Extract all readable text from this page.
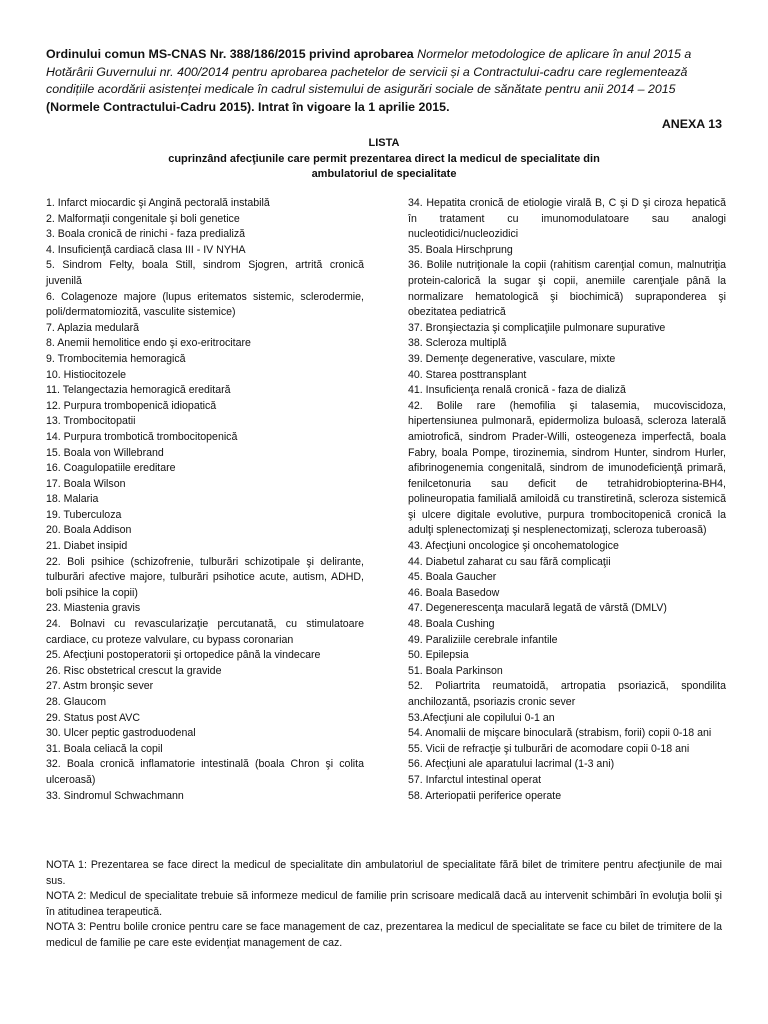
Ordinului comun MS-CNAS Nr. 388/186/2015 privind aprobarea Normelor metodologice de aplicare în anul 2015 a Hotărârii Guvernului nr. 400/2014 pentru aprobarea pachetelor de servicii și a Contractului-cadru care reglementează condițiile acordării asistenței medicale în cadrul sistemului de asigurări sociale de sănătate pentru anii 2014 – 2015 (Normele Contractului-Cadru 2015). Intrat în vigoare la 1 aprilie 2015.

ANEXA 13
LISTA
cuprinzând afecţiunile care permit prezentarea direct la medicul de specialitate din
ambulatoriul de specialitate
1. Infarct miocardic şi Angină pectorală instabilă
2. Malformaţii congenitale şi boli genetice
3. Boala cronică de rinichi - faza predializă
4. Insuficienţă cardiacă clasa III - IV NYHA
5. Sindrom Felty, boala Still, sindrom Sjogren, artrită cronică juvenilă
6. Colagenoze majore (lupus eritematos sistemic, sclerodermie, poli/dermatomiozită, vasculite sistemice)
7. Aplazia medulară
8. Anemii hemolitice endo şi exo-eritrocitare
9. Trombocitemia hemoragică
10. Histiocitozele
11. Telangectazia hemoragică ereditară
12. Purpura trombopenică idiopatică
13. Trombocitopatii
14. Purpura trombotică trombocitopenică
15. Boala von Willebrand
16. Coagulopatiile ereditare
17. Boala Wilson
18. Malaria
19. Tuberculoza
20. Boala Addison
21. Diabet insipid
22. Boli psihice (schizofrenie, tulburări schizotipale şi delirante, tulburări afective majore, tulburări psihotice acute, autism, ADHD, boli psihice la copii)
23. Miastenia gravis
24. Bolnavi cu revascularizaţie percutanată, cu stimulatoare cardiace, cu proteze valvulare, cu bypass coronarian
25. Afecţiuni postoperatorii şi ortopedice până la vindecare
26. Risc obstetrical crescut la gravide
27. Astm bronşic sever
28. Glaucom
29. Status post AVC
30. Ulcer peptic gastroduodenal
31. Boala celiacă la copil
32. Boala cronică inflamatorie intestinală (boala Chron şi colita ulceroasă)
33. Sindromul Schwachmann
34. Hepatita cronică de etiologie virală B, C şi D şi ciroza hepatică în tratament cu imunomodulatoare sau analogi nucleotidici/nucleozidici
35. Boala Hirschprung
36. Bolile nutriţionale la copii (rahitism carenţial comun, malnutriţia protein-calorică la sugar şi copii, anemiile carenţiale până la normalizare hematologică şi biochimică) supraponderea şi obezitatea pediatrică
37. Bronşiectazia şi complicaţiile pulmonare supurative
38. Scleroza multiplă
39. Demenţe degenerative, vasculare, mixte
40. Starea posttransplant
41. Insuficienţa renală cronică - faza de dializă
42. Bolile rare (hemofilia şi talasemia, mucoviscidoza, hipertensiunea pulmonară, epidermoliza buloasă, scleroza laterală amiotrofică, sindrom Prader-Willi, osteogeneza imperfectă, boala Fabry, boala Pompe, tirozinemia, sindrom Hunter, sindrom Hurler, afibrinogenemia congenitală, sindrom de imunodeficienţă primară, fenilcetonuria sau deficit de tetrahidrobiopterina-BH4, polineuropatia familială amiloidă cu transtiretină, scleroza sistemică şi ulcere digitale evolutive, purpura trombocitopenică cronică la adulţi splenectomizaţi şi nesplenectomizaţi, scleroza tuberoasă)
43. Afecţiuni oncologice şi oncohematologice
44. Diabetul zaharat cu sau fără complicaţii
45. Boala Gaucher
46. Boala Basedow
47. Degenerescenţa maculară legată de vârstă (DMLV)
48. Boala Cushing
49. Paraliziile cerebrale infantile
50. Epilepsia
51. Boala Parkinson
52. Poliartrita reumatoidă, artropatia psoriazică, spondilita anchilozantă, psoriazis cronic sever
53.Afecţiuni ale copilului 0-1 an
54. Anomalii de mişcare binoculară (strabism, forii) copii 0-18 ani
55. Vicii de refracţie şi tulburări de acomodare copii 0-18 ani
56. Afecţiuni ale aparatului lacrimal (1-3 ani)
57. Infarctul intestinal operat
58. Arteriopatii periferice operate
NOTA 1: Prezentarea se face direct la medicul de specialitate din ambulatoriul de specialitate fără bilet de trimitere pentru afecţiunile de mai sus.
NOTA 2: Medicul de specialitate trebuie să informeze medicul de familie prin scrisoare medicală dacă au intervenit schimbări în evoluţia bolii şi în atitudinea terapeutică.
NOTA 3: Pentru bolile cronice pentru care se face management de caz, prezentarea la medicul de specialitate se face cu bilet de trimitere de la medicul de familie pe care este evidenţiat management de caz.
